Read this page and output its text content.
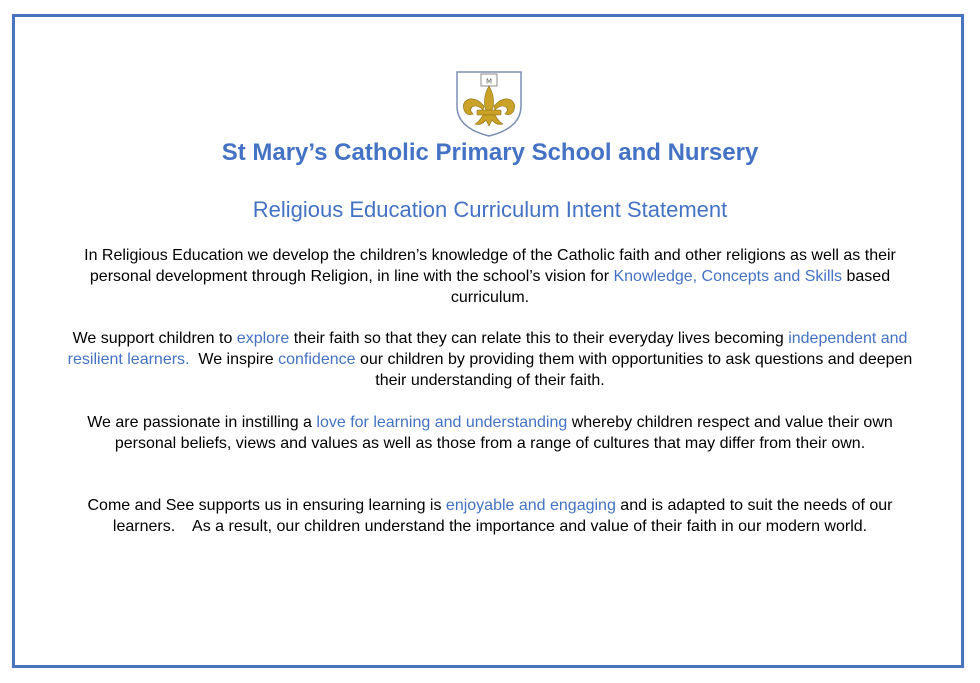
M
St Mary’s Catholic Primary School and Nursery
Religious Education Curriculum Intent Statement

In Religious Education we develop the children’s knowledge of the Catholic faith and other religions as well as their personal development through Religion, in line with the school’s vision for Knowledge, Concepts and Skills based curriculum.

We support children to explore their faith so that they can relate this to their everyday lives becoming independent and resilient learners.  We inspire confidence our children by providing them with opportunities to ask questions and deepen their understanding of their faith.

We are passionate in instilling a love for learning and understanding whereby children respect and value their own personal beliefs, views and values as well as those from a range of cultures that may differ from their own.

Come and See supports us in ensuring learning is enjoyable and engaging and is adapted to suit the needs of our learners.    As a result, our children understand the importance and value of their faith in our modern world.
